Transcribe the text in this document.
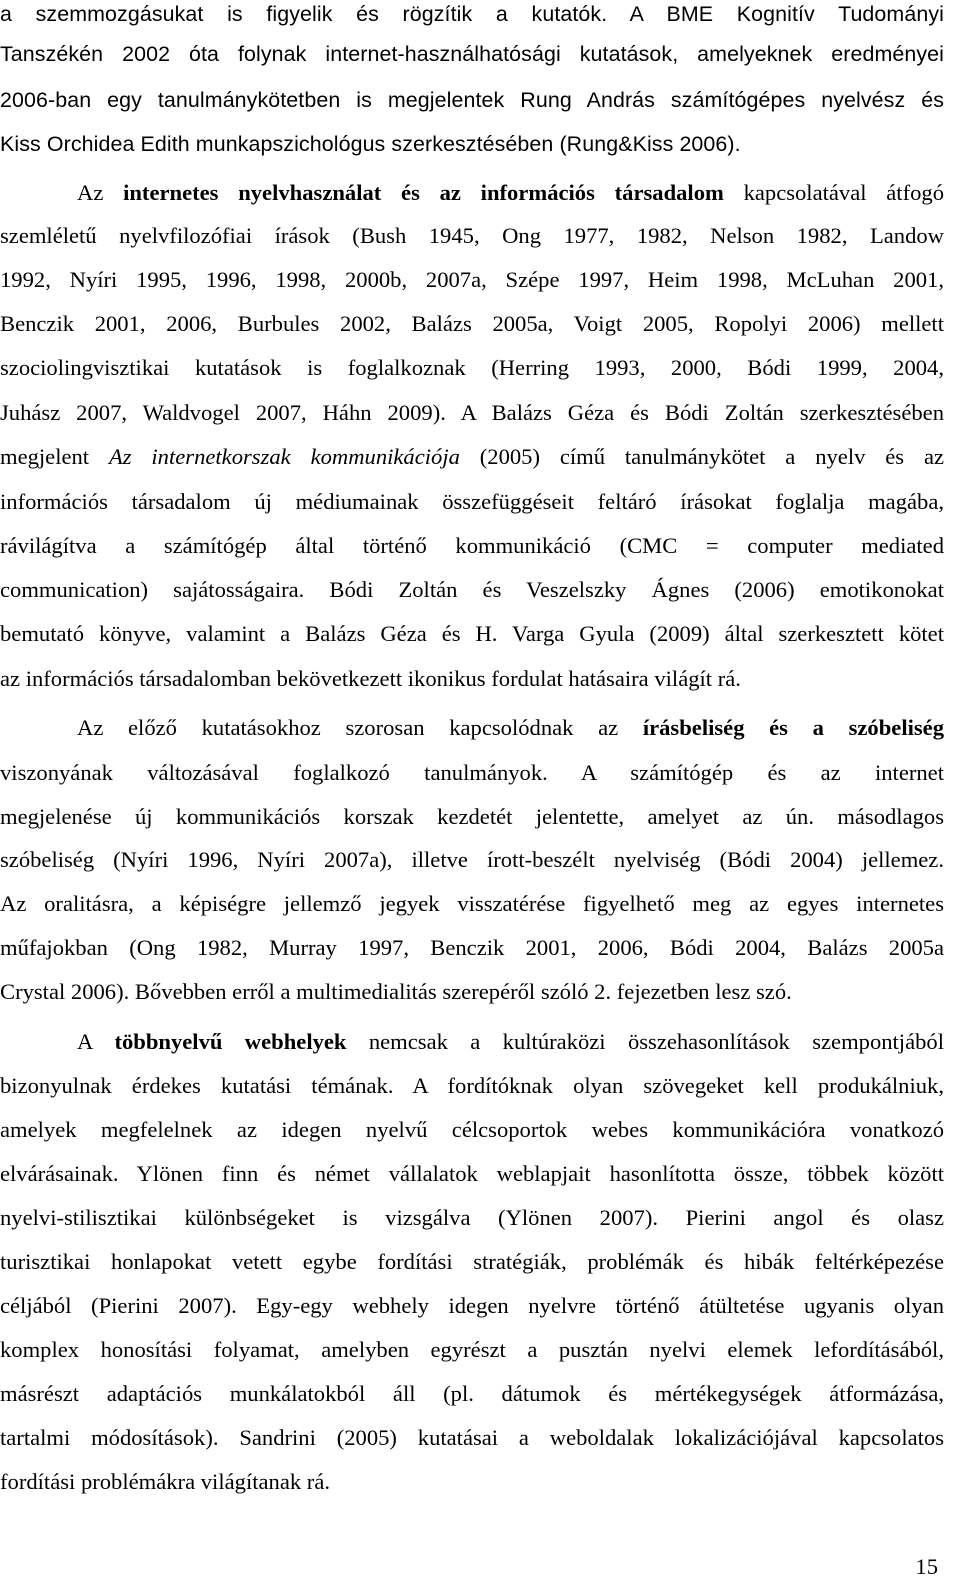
a szemmozgásukat is figyelik és rögzítik a kutatók. A BME Kognitív Tudományi
Tanszékén 2002 óta folynak internet-használhatósági kutatások, amelyeknek eredményei
2006-ban egy tanulmánykötetben is megjelentek Rung András számítógépes nyelvész és
Kiss Orchidea Edith munkapszichológus szerkesztésében (Rung&Kiss 2006).
Az internetes nyelvhasználat és az információs társadalom kapcsolatával átfogó
szemléletű nyelvfilozófiai írások (Bush 1945, Ong 1977, 1982, Nelson 1982, Landow
1992, Nyíri 1995, 1996, 1998, 2000b, 2007a, Szépe 1997, Heim 1998, McLuhan 2001,
Benczik 2001, 2006, Burbules 2002, Balázs 2005a, Voigt 2005, Ropolyi 2006) mellett
szociolingvisztikai kutatások is foglalkoznak (Herring 1993, 2000, Bódi 1999, 2004,
Juhász 2007, Waldvogel 2007, Háhn 2009). A Balázs Géza és Bódi Zoltán szerkesztésében
megjelent Az internetkorszak kommunikációja (2005) című tanulmánykötet a nyelv és az
információs társadalom új médiumainak összefüggéseit feltáró írásokat foglalja magába,
rávilágítva a számítógép által történő kommunikáció (CMC = computer mediated
communication) sajátosságaira. Bódi Zoltán és Veszelszky Ágnes (2006) emotikonokat
bemutató könyve, valamint a Balázs Géza és H. Varga Gyula (2009) által szerkesztett kötet
az információs társadalomban bekövetkezett ikonikus fordulat hatásaira világít rá.
Az előző kutatásokhoz szorosan kapcsolódnak az írásbeliség és a szóbeliség
viszonyának változásával foglalkozó tanulmányok. A számítógép és az internet
megjelenése új kommunikációs korszak kezdetét jelentette, amelyet az ún. másodlagos
szóbeliség (Nyíri 1996, Nyíri 2007a), illetve írott-beszélt nyelviség (Bódi 2004) jellemez.
Az oralitásra, a képiségre jellemző jegyek visszatérése figyelhető meg az egyes internetes
műfajokban (Ong 1982, Murray 1997, Benczik 2001, 2006, Bódi 2004, Balázs 2005a
Crystal 2006). Bővebben erről a multimedialitás szerepéről szóló 2. fejezetben lesz szó.
A többnyelvű webhelyek nemcsak a kultúraközi összehasonlítások szempontjából
bizonyulnak érdekes kutatási témának. A fordítóknak olyan szövegeket kell produkálniuk,
amelyek megfelelnek az idegen nyelvű célcsoportok webes kommunikációra vonatkozó
elvárásainak. Ylönen finn és német vállalatok weblapjait hasonlította össze, többek között
nyelvi-stilisztikai különbségeket is vizsgálva (Ylönen 2007). Pierini angol és olasz
turisztikai honlapokat vetett egybe fordítási stratégiák, problémák és hibák feltérképezése
céljából (Pierini 2007). Egy-egy webhely idegen nyelvre történő átültetése ugyanis olyan
komplex honosítási folyamat, amelyben egyrészt a pusztán nyelvi elemek lefordításából,
másrészt adaptációs munkálatokból áll (pl. dátumok és mértékegységek átformázása,
tartalmi módosítások). Sandrini (2005) kutatásai a weboldalak lokalizációjával kapcsolatos
fordítási problémákra világítanak rá.
15
